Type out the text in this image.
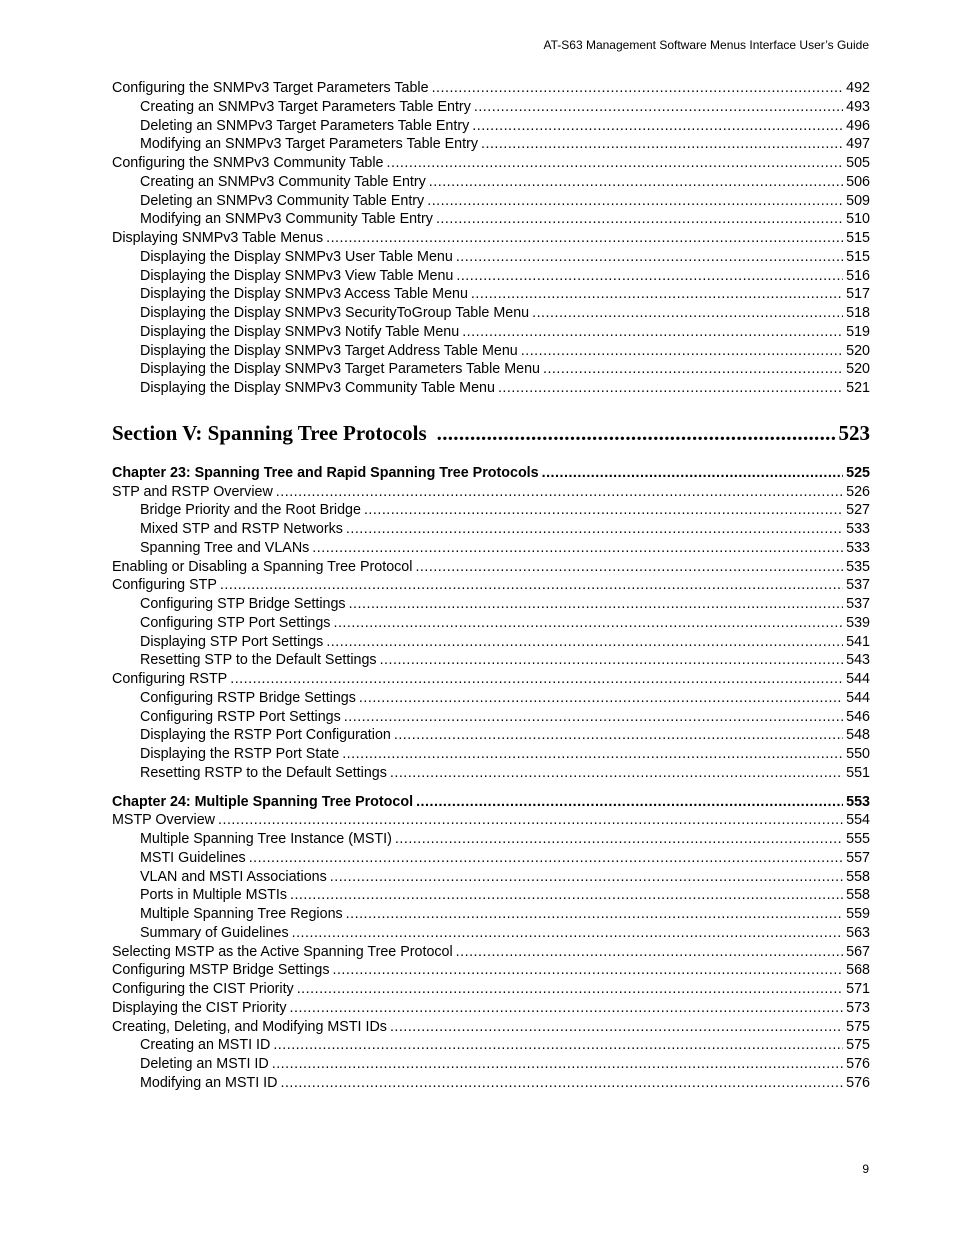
AT-S63 Management Software Menus Interface User’s Guide
Configuring the SNMPv3 Target Parameters Table .....	492
Creating an SNMPv3 Target Parameters Table Entry .....	493
Deleting an SNMPv3 Target Parameters Table Entry .....	496
Modifying an SNMPv3 Target Parameters Table Entry .....	497
Configuring the SNMPv3 Community Table .....	505
Creating an SNMPv3 Community Table Entry .....	506
Deleting an SNMPv3 Community Table Entry .....	509
Modifying an SNMPv3 Community Table Entry .....	510
Displaying SNMPv3 Table Menus .....	515
Displaying the Display SNMPv3 User Table Menu .....	515
Displaying the Display SNMPv3 View Table Menu .....	516
Displaying the Display SNMPv3 Access Table Menu .....	517
Displaying the Display SNMPv3 SecurityToGroup Table Menu .....	518
Displaying the Display SNMPv3 Notify Table Menu .....	519
Displaying the Display SNMPv3 Target Address Table Menu .....	520
Displaying the Display SNMPv3 Target Parameters Table Menu .....	520
Displaying the Display SNMPv3 Community Table Menu .....	521
Section V: Spanning Tree Protocols .....	523
Chapter 23: Spanning Tree and Rapid Spanning Tree Protocols .....	525
STP and RSTP Overview .....	526
Bridge Priority and the Root Bridge .....	527
Mixed STP and RSTP Networks .....	533
Spanning Tree and VLANs .....	533
Enabling or Disabling a Spanning Tree Protocol .....	535
Configuring STP .....	537
Configuring STP Bridge Settings .....	537
Configuring STP Port Settings .....	539
Displaying STP Port Settings .....	541
Resetting STP to the Default Settings .....	543
Configuring RSTP .....	544
Configuring RSTP Bridge Settings .....	544
Configuring RSTP Port Settings .....	546
Displaying the RSTP Port Configuration .....	548
Displaying the RSTP Port State .....	550
Resetting RSTP to the Default Settings .....	551
Chapter 24: Multiple Spanning Tree Protocol .....	553
MSTP Overview .....	554
Multiple Spanning Tree Instance (MSTI) .....	555
MSTI Guidelines .....	557
VLAN and MSTI Associations .....	558
Ports in Multiple MSTIs .....	558
Multiple Spanning Tree Regions .....	559
Summary of Guidelines .....	563
Selecting MSTP as the Active Spanning Tree Protocol .....	567
Configuring MSTP Bridge Settings .....	568
Configuring the CIST Priority .....	571
Displaying the CIST Priority .....	573
Creating, Deleting, and Modifying MSTI IDs .....	575
Creating an MSTI ID .....	575
Deleting an MSTI ID .....	576
Modifying an MSTI ID .....	576
9
